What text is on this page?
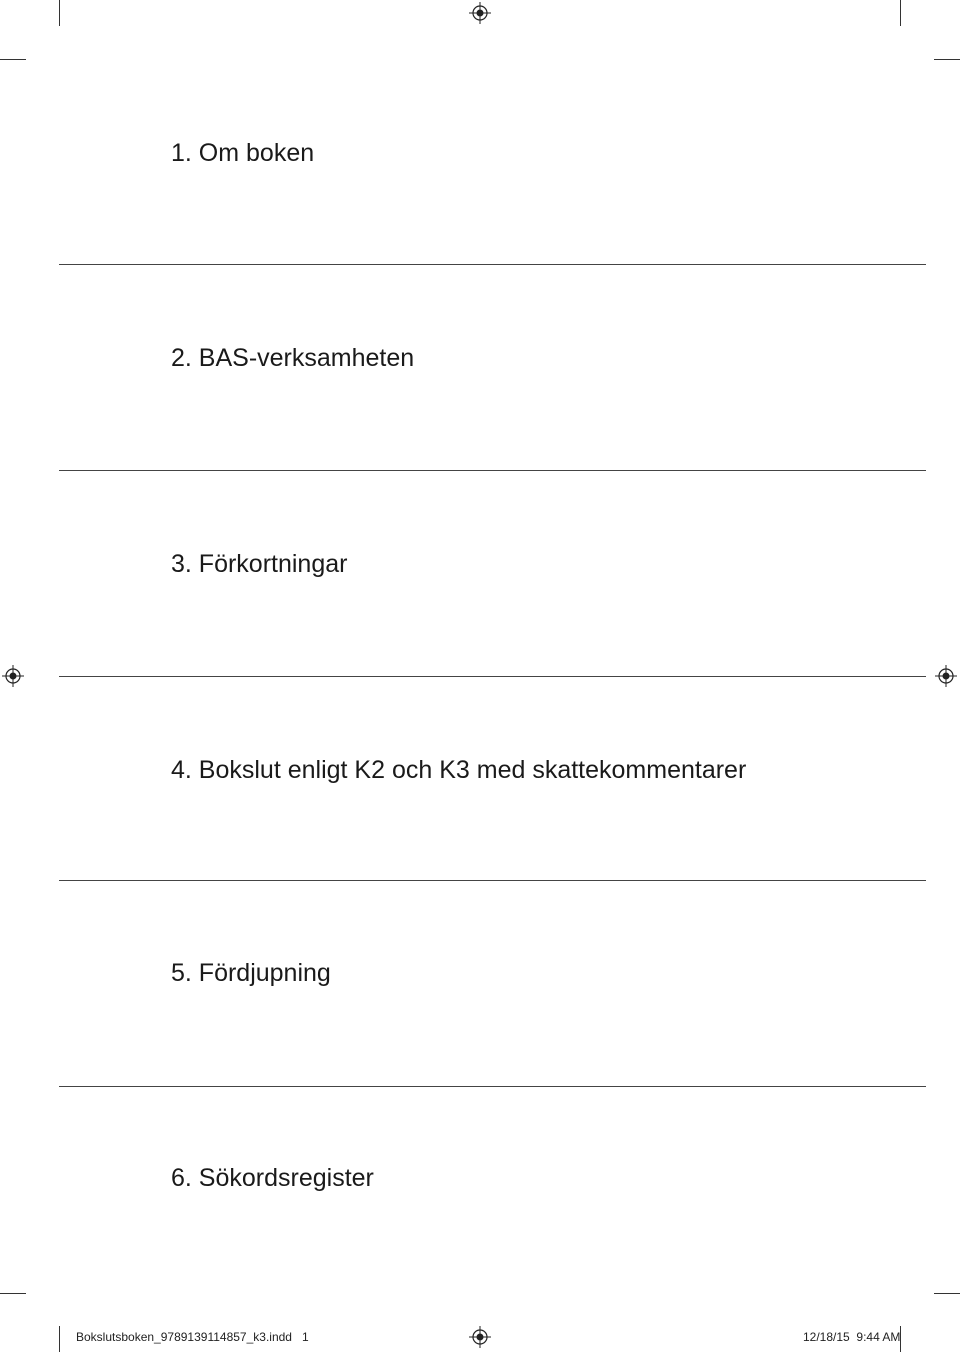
1. Om boken
2. BAS-verksamheten
3. Förkortningar
4. Bokslut enligt K2 och K3 med skattekommentarer
5. Fördjupning
6. Sökordsregister
Bokslutsboken_9789139114857_k3.indd 1	12/18/15 9:44 AM
